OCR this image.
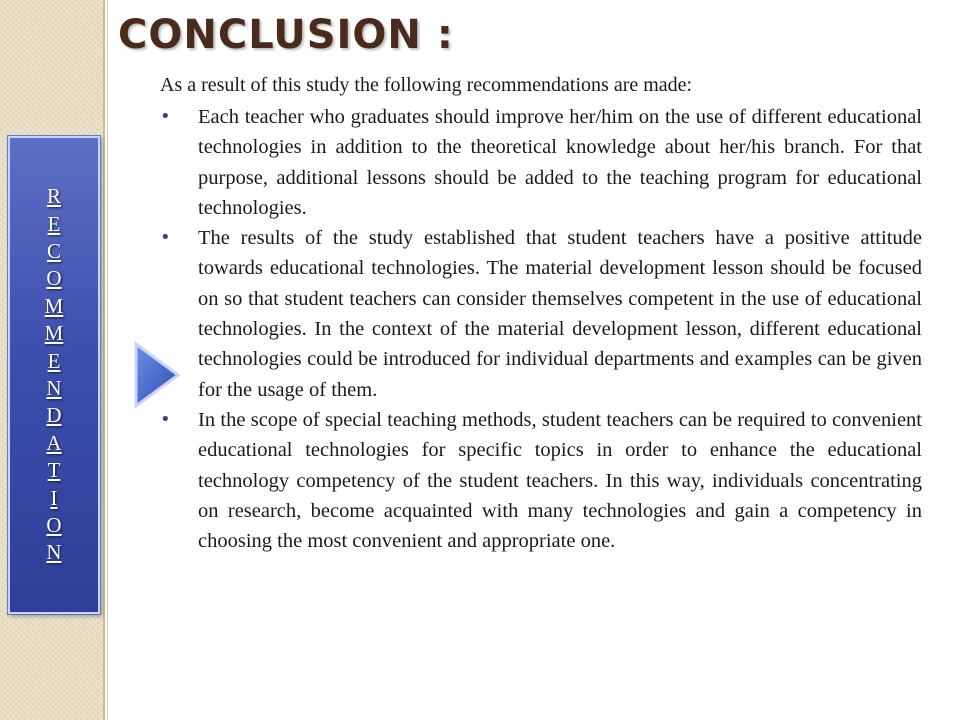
CONCLUSION :
R
E
C
O
M
M
E
N
D
A
T
I
O
N

As a result of this study the following recommendations are made:

• Each teacher who graduates should improve her/him on the use of different educational technologies in addition to the theoretical knowledge about her/his branch. For that purpose, additional lessons should be added to the teaching program for educational technologies.
• The results of the study established that student teachers have a positive attitude towards educational technologies. The material development lesson should be focused on so that student teachers can consider themselves competent in the use of educational technologies. In the context of the material development lesson, different educational technologies could be introduced for individual departments and examples can be given for the usage of them.
• In the scope of special teaching methods, student teachers can be required to convenient educational technologies for specific topics in order to enhance the educational technology competency of the student teachers. In this way, individuals concentrating on research, become acquainted with many technologies and gain a competency in choosing the most convenient and appropriate one.
